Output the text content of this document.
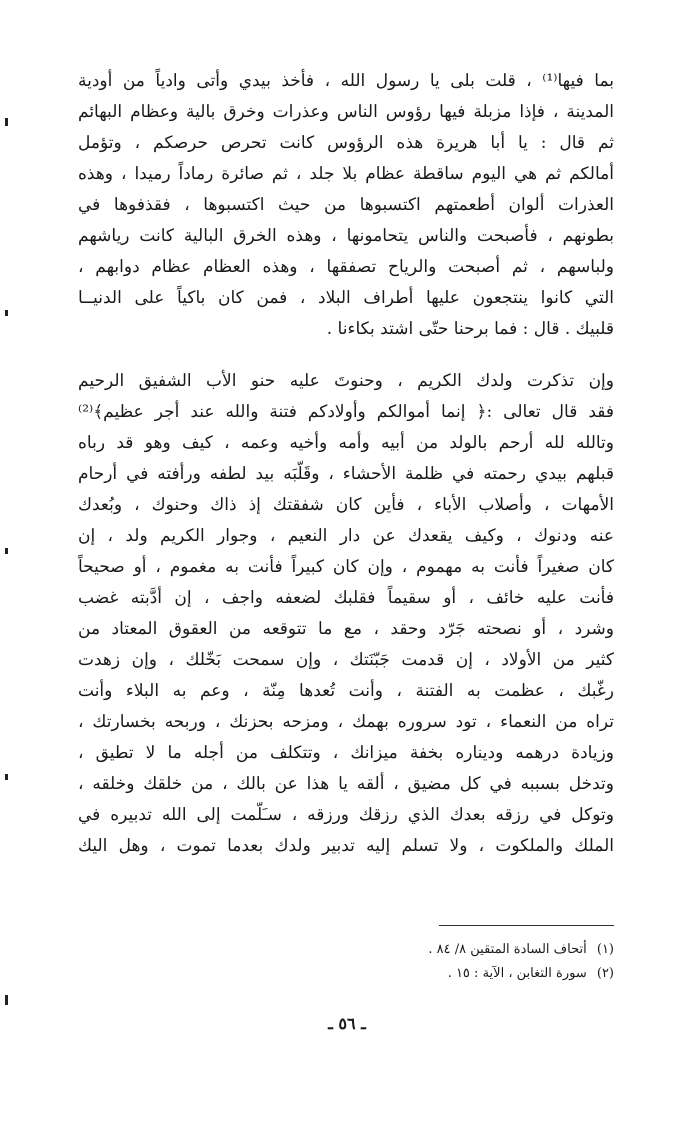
بما فيها⁽¹⁾ ، قلت بلى يا رسول الله ، فأخذ بيدي وأتى وادياً من أودية
المدينة ، فإذا مزبلة فيها رؤوس الناس وعذرات وخرق بالية وعظام البهائم
ثم قال : يا أبا هريرة هذه الرؤوس كانت تحرص حرصكم ، وتؤمل
أمالكم ثم هي اليوم ساقطة عظام بلا جلد ، ثم صائرة رماداً رميدا ، وهذه
العذرات ألوان أطعمتهم اكتسبوها من حيث اكتسبوها ، فقذفوها في
بطونهم ، فأصبحت والناس يتحامونها ، وهذه الخرق البالية كانت رياشهم
ولباسهم ، ثم أصبحت والرياح تصفقها ، وهذه العظام عظام دوابهم ،
التي كانوا ينتجعون عليها أطراف البلاد ، فمن كان باكياً على الدنيــا
قلبيك . قال : فما برحنا حتّى اشتد بكاءنا .
وإن تذكرت ولدك الكريم ، وحنوتَ عليه حنو الأب الشفيق الرحيم
فقد قال تعالى :﴿ إنما أموالكم وأولادكم فتنة والله عند أجر عظيم﴾⁽²⁾
وتالله لله أرحم بالولد من أبيه وأمه وأخيه وعمه ، كيف وهو قد رباه
قبلهم بيدي رحمته في ظلمة الأحشاء ، وقَلّبَه بيد لطفه ورأفته في أرحام
الأمهات ، وأصلاب الأباء ، فأين كان شفقتك إذ ذاك وحنوك ، وبُعدك
عنه ودنوك ، وكيف يقعدك عن دار النعيم ، وجوار الكريم ولد ، إن
كان صغيراً فأنت به مهموم ، وإن كان كبيراً فأنت به مغموم ، أو صحيحاً
فأنت عليه خائف ، أو سقيماً فقلبك لضعفه واجف ، إن أدَّبته غضب
وشرد ، أو نصحته جَرّد وحقد ، مع ما تتوقعه من العقوق المعتاد من
كثير من الأولاد ، إن قدمت جَبّنَتك ، وإن سمحت بَخّلك ، وإن زهدت
رغّبك ، عظمت به الفتنة ، وأنت تُعدها مِنّة ، وعم به البلاء وأنت
تراه من النعماء ، تود سروره بهمك ، ومزحه بحزنك ، وربحه بخسارتك ،
وزيادة درهمه وديناره بخفة ميزانك ، وتتكلف من أجله ما لا تطيق ،
وتدخل بسببه في كل مضيق ، ألقه يا هذا عن بالك ، من خلقك وخلقه ،
وتوكل في رزقه بعدك الذي رزقك ورزقه ، سـَلّمت إلى الله تدبيره في
الملك والملكوت ، ولا تسلم إليه تدبير ولدك بعدما تموت ، وهل اليك
(١) أتحاف السادة المتقين ٨/ ٨٤ .
(٢) سورة التغابن ، الآية : ١٥ .
ـ ٥٦ ـ
